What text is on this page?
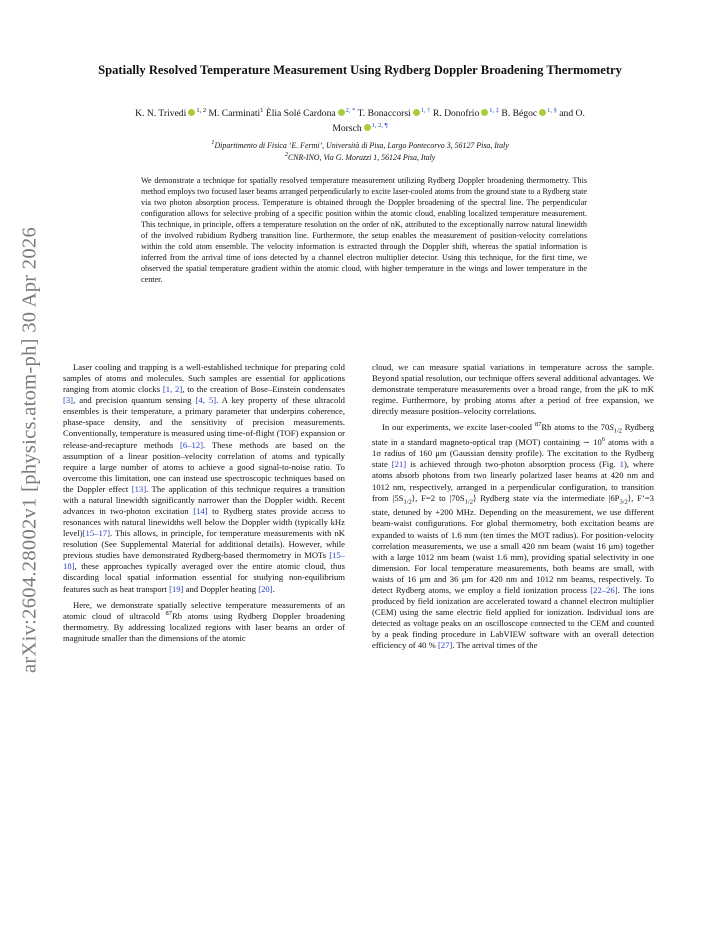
arXiv:2604.28002v1 [physics.atom-ph] 30 Apr 2026
Spatially Resolved Temperature Measurement Using Rydberg Doppler Broadening Thermometry
K. N. Trivedi $^{1, 2}$ M. Carminati$^1$ Èlia Solé Cardona $^{2, *}$ T. Bonaccorsi $^{1, \dagger}$ R. Donofrio $^{1, \ddagger}$ B. Bégoc $^{1, \S}$ and O. Morsch $^{1, 2, \P}$
$^1$Dipartimento di Fisica ‘E. Fermi’, Università di Pisa, Largo Pontecorvo 3, 56127 Pisa, Italy
$^2$CNR-INO, Via G. Moruzzi 1, 56124 Pisa, Italy
We demonstrate a technique for spatially resolved temperature measurement utilizing Rydberg Doppler broadening thermometry. This method employs two focused laser beams arranged perpendicularly to excite laser-cooled atoms from the ground state to a Rydberg state via two photon absorption process. Temperature is obtained through the Doppler broadening of the spectral line. The perpendicular configuration allows for selective probing of a specific position within the atomic cloud, enabling localized temperature measurement. This technique, in principle, offers a temperature resolution on the order of nK, attributed to the exceptionally narrow natural linewidth of the involved rubidium Rydberg transition line. Furthermore, the setup enables the measurement of position-velocity correlations within the cold atom ensemble. The velocity information is extracted through the Doppler shift, whereas the spatial information is inferred from the arrival time of ions detected by a channel electron multiplier detector. Using this technique, for the first time, we observed the spatial temperature gradient within the atomic cloud, with higher temperature in the wings and lower temperature in the center.

Laser cooling and trapping is a well-established technique for preparing cold samples of atoms and molecules. Such samples are essential for applications ranging from atomic clocks [1, 2], to the creation of Bose–Einstein condensates [3], and precision quantum sensing [4, 5]. A key property of these ultracold ensembles is their temperature, a primary parameter that underpins coherence, phase-space density, and the sensitivity of precision measurements. Conventionally, temperature is measured using time-of-flight (TOF) expansion or release-and-recapture methods [6–12]. These methods are based on the assumption of a linear position–velocity correlation of atoms and typically require a large number of atoms to achieve a good signal-to-noise ratio. To overcome this limitation, one can instead use spectroscopic techniques based on the Doppler effect [13]. The application of this technique requires a transition with a natural linewidth significantly narrower than the Doppler width. Recent advances in two-photon excitation [14] to Rydberg states provide access to resonances with natural linewidths well below the Doppler width (typically kHz level)[15–17]. This allows, in principle, for temperature measurements with nK resolution (See Supplemental Material for additional details). However, while previous studies have demonstrated Rydberg-based thermometry in MOTs [15–18], these approaches typically averaged over the entire atomic cloud, thus discarding local spatial information essential for studying non-equilibrium features such as heat transport [19] and Doppler heating [20].

Here, we demonstrate spatially selective temperature measurements of an atomic cloud of ultracold $^{87}$Rb atoms using Rydberg Doppler broadening thermometry. By addressing localized regions with laser beams an order of magnitude smaller than the dimensions of the atomic

cloud, we can measure spatial variations in temperature across the sample. Beyond spatial resolution, our technique offers several additional advantages. We demonstrate temperature measurements over a broad range, from the μK to mK regime. Furthermore, by probing atoms after a period of free expansion, we directly measure position–velocity correlations.

In our experiments, we excite laser-cooled $^{87}$Rb atoms to the $70S_{1/2}$ Rydberg state in a standard magneto-optical trap (MOT) containing ∼ $10^6$ atoms with a 1σ radius of 160 μm (Gaussian density profile). The excitation to the Rydberg state [21] is achieved through two-photon absorption process (Fig. 1), where atoms absorb photons from two linearly polarized laser beams at 420 nm and 1012 nm, respectively, arranged in a perpendicular configuration, to transition from $|5S_{1/2}⟩$, F=2 to $|70S_{1/2}⟩$ Rydberg state via the intermediate $|6P_{3/2}⟩$, F’=3 state, detuned by +200 MHz. Depending on the measurement, we use different beam-waist configurations. For global thermometry, both excitation beams are expanded to waists of 1.6 mm (ten times the MOT radius). For position-velocity correlation measurements, we use a small 420 nm beam (waist 16 μm) together with a large 1012 nm beam (waist 1.6 mm), providing spatial selectivity in one dimension. For local temperature measurements, both beams are small, with waists of 16 μm and 36 μm for 420 nm and 1012 nm beams, respectively. To detect Rydberg atoms, we employ a field ionization process [22–26]. The ions produced by field ionization are accelerated toward a channel electron multiplier (CEM) using the same electric field applied for ionization. Individual ions are detected as voltage peaks on an oscilloscope connected to the CEM and counted by a peak finding procedure in LabVIEW software with an overall detection efficiency of 40 % [27]. The arrival times of the
